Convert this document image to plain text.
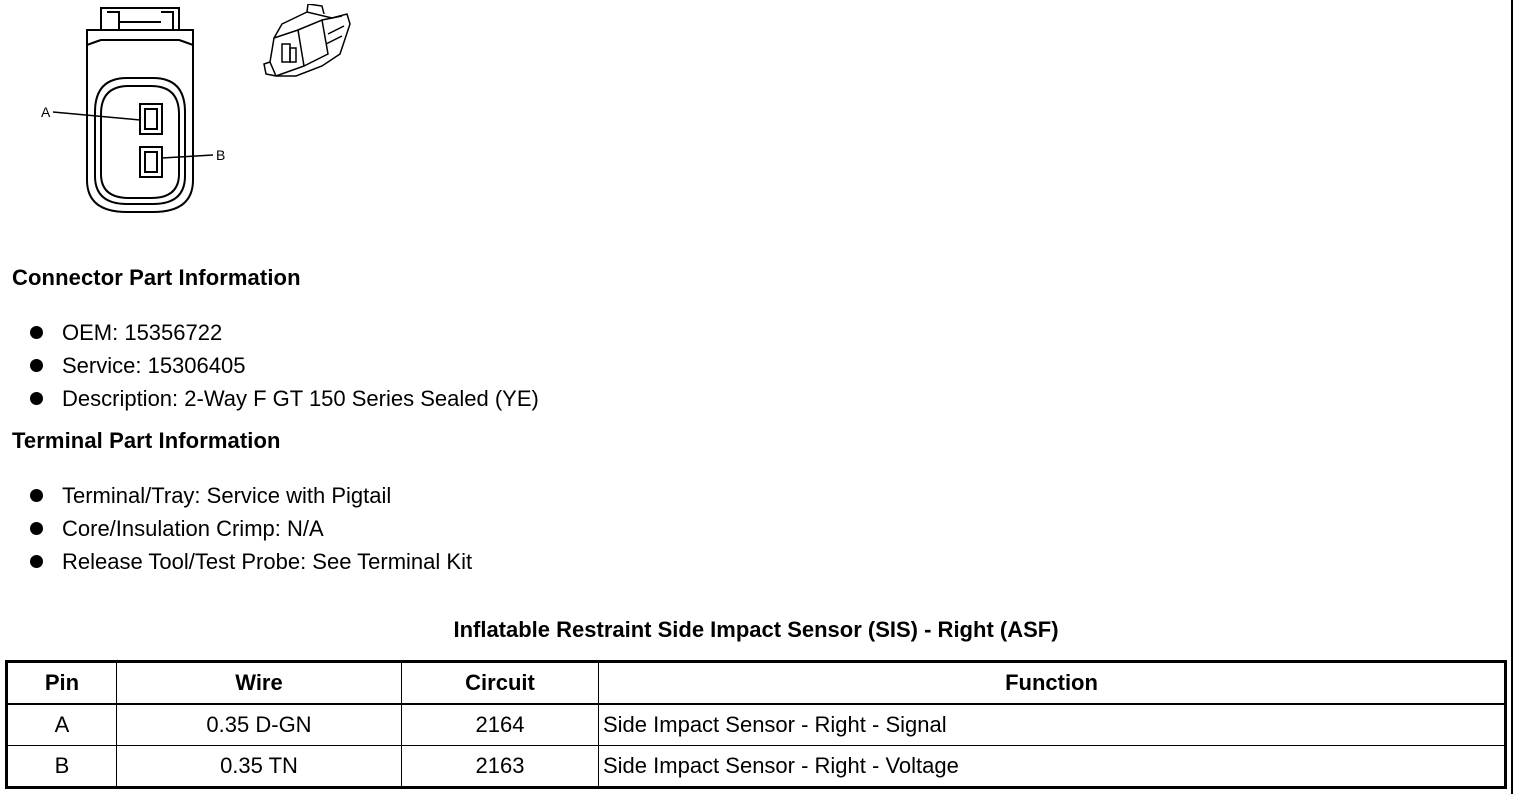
A
B
Connector Part Information
OEM: 15356722
Service: 15306405
Description: 2-Way F GT 150 Series Sealed (YE)
Terminal Part Information
Terminal/Tray: Service with Pigtail
Core/Insulation Crimp: N/A
Release Tool/Test Probe: See Terminal Kit
Inflatable Restraint Side Impact Sensor (SIS) - Right (ASF)
Pin	Wire	Circuit	Function
A	0.35 D-GN	2164	Side Impact Sensor - Right - Signal
B	0.35 TN	2163	Side Impact Sensor - Right - Voltage
